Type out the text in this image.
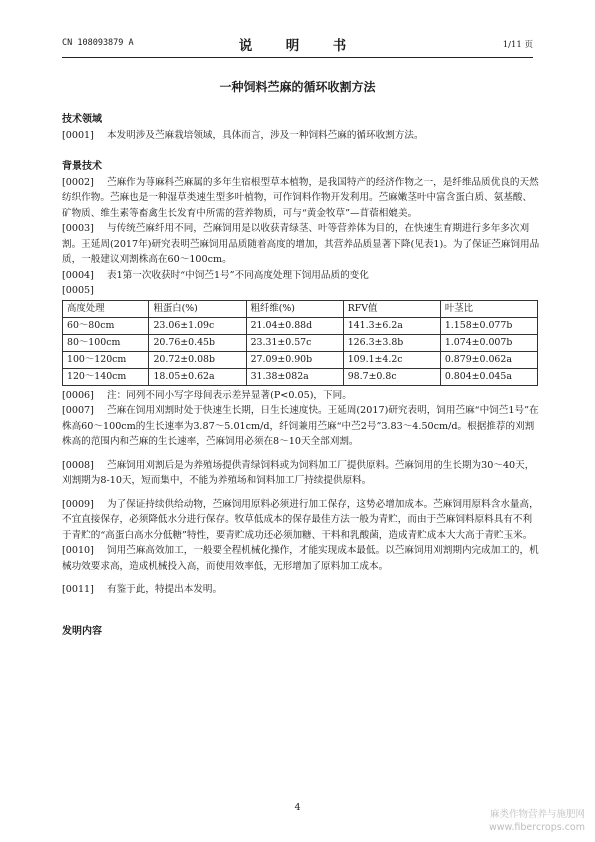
CN 108093879 A	说　明　书	1/11 页
一种饲料苎麻的循环收割方法

技术领域

[0001] 本发明涉及苎麻栽培领域，具体而言，涉及一种饲料苎麻的循环收割方法。

背景技术

[0002] 苎麻作为荨麻科苎麻属的多年生宿根型草本植物，是我国特产的经济作物之一，是纤维品质优良的天然纺织作物。苎麻也是一种湿草类速生型多叶植物，可作饲料作物开发利用。苎麻嫩茎叶中富含蛋白质、氨基酸、矿物质、维生素等畜禽生长发育中所需的营养物质，可与“黄金牧草”—苜蓿相媲美。

[0003] 与传统苎麻纤用不同，苎麻饲用是以收获青绿茎、叶等营养体为目的，在快速生育期进行多年多次刈割。王延周(2017年)研究表明苎麻饲用品质随着高度的增加，其营养品质显著下降(见表1)。为了保证苎麻饲用品质，一般建议刈割株高在60～100cm。

[0004] 表1第一次收获时“中饲苎1号”不同高度处理下饲用品质的变化

[0005]

高度处理	粗蛋白(%)	粗纤维(%)	RFV值	叶茎比
60～80cm	23.06±1.09c	21.04±0.88d	141.3±6.2a	1.158±0.077b
80～100cm	20.76±0.45b	23.31±0.57c	126.3±3.8b	1.074±0.007b
100～120cm	20.72±0.08b	27.09±0.90b	109.1±4.2c	0.879±0.062a
120～140cm	18.05±0.62a	31.38±082a	98.7±0.8c	0.804±0.045a

[0006] 注：同列不同小写字母间表示差异显著(P<0.05)，下同。

[0007] 苎麻在饲用刈割时处于快速生长期，日生长速度快。王延周(2017)研究表明，饲用苎麻“中饲苎1号”在株高60～100cm的生长速率为3.87～5.01cm/d，纤饲兼用苎麻“中苎2号”3.83～4.50cm/d。根据推荐的刈割株高的范围内和苎麻的生长速率，苎麻饲用必须在8～10天全部刈割。

[0008] 苎麻饲用刈割后是为养殖场提供青绿饲料或为饲料加工厂提供原料。苎麻饲用的生长期为30～40天，刈割期为8-10天，短而集中，不能为养殖场和饲料加工厂持续提供原料。

[0009] 为了保证持续供给动物，苎麻饲用原料必须进行加工保存，这势必增加成本。苎麻饲用原料含水量高，不宜直接保存，必须降低水分进行保存。牧草低成本的保存最佳方法一般为青贮，而由于苎麻饲料原料具有不利于青贮的“高蛋白高水分低糖”特性，要青贮成功还必须加糖、干料和乳酸菌，造成青贮成本大大高于青贮玉米。

[0010] 饲用苎麻高效加工，一般要全程机械化操作，才能实现成本最低。以苎麻饲用刈割期内完成加工的，机械功效要求高，造成机械投入高，而使用效率低，无形增加了原料加工成本。

[0011] 有鉴于此，特提出本发明。

发明内容

4
麻类作物营养与施肥网
www.fibercrops.com
